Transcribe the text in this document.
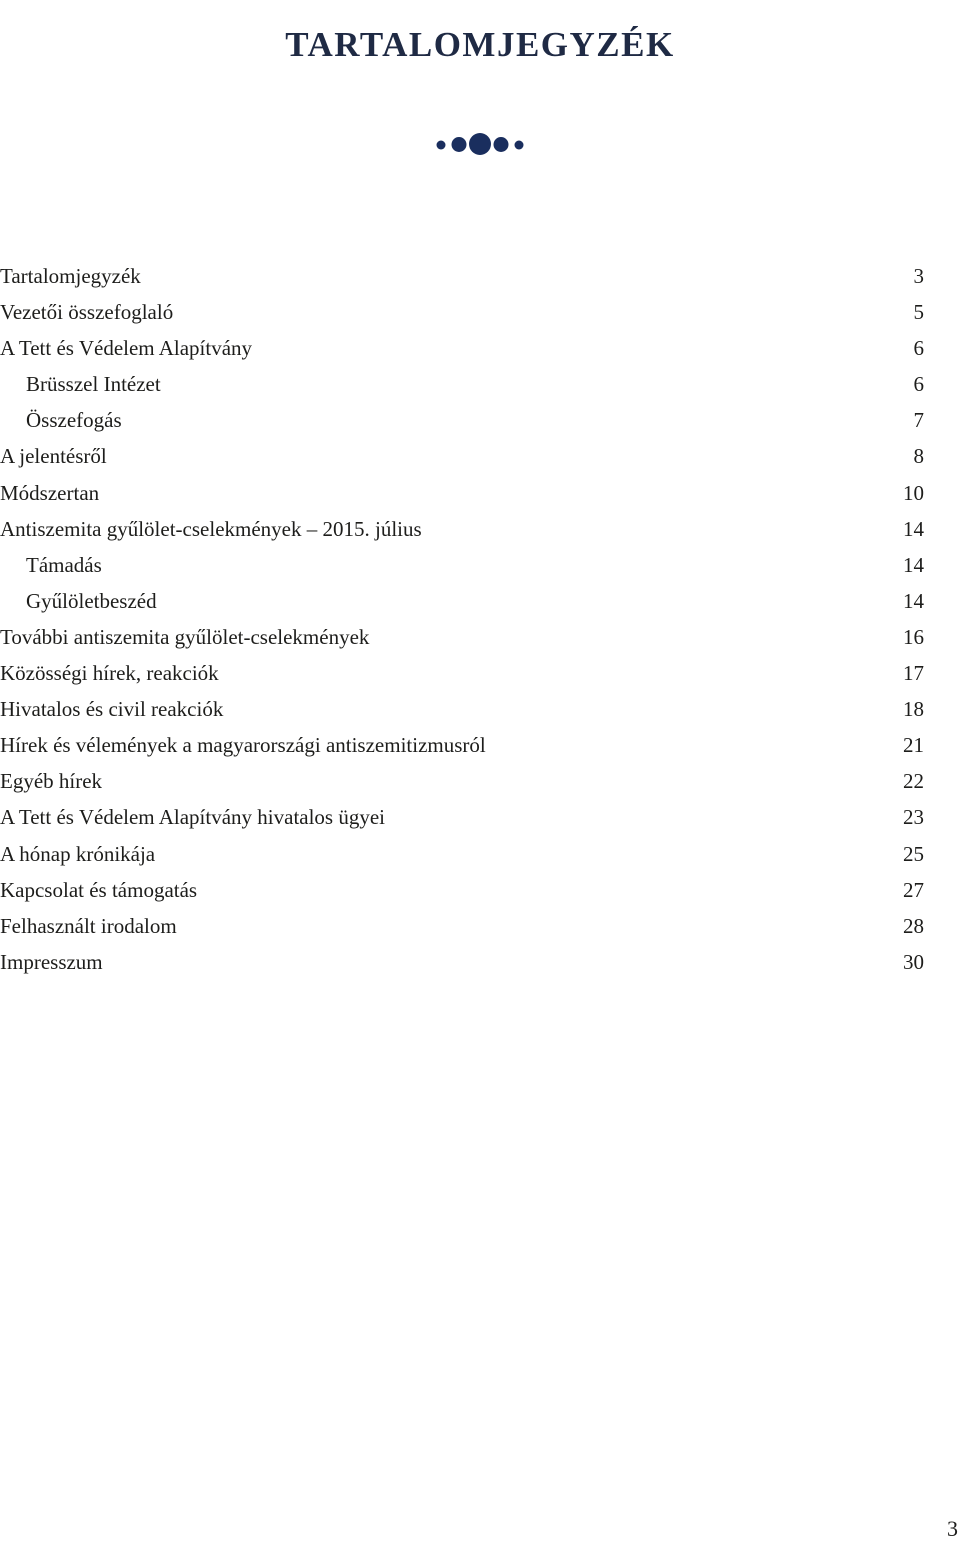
TARTALOMJEGYZÉK
Tartalomjegyzék	3
Vezetői összefoglaló	5
A Tett és Védelem Alapítvány	6
Brüsszel Intézet	6
Összefogás	7
A jelentésről	8
Módszertan	10
Antiszemita gyűlölet-cselekmények – 2015. július	14
Támadás	14
Gyűlöletbeszéd	14
További antiszemita gyűlölet-cselekmények	16
Közösségi hírek, reakciók	17
Hivatalos és civil reakciók	18
Hírek és vélemények a magyarországi antiszemitizmusról	21
Egyéb hírek	22
A Tett és Védelem Alapítvány hivatalos ügyei	23
A hónap krónikája	25
Kapcsolat és támogatás	27
Felhasznált irodalom	28
Impresszum	30
3
